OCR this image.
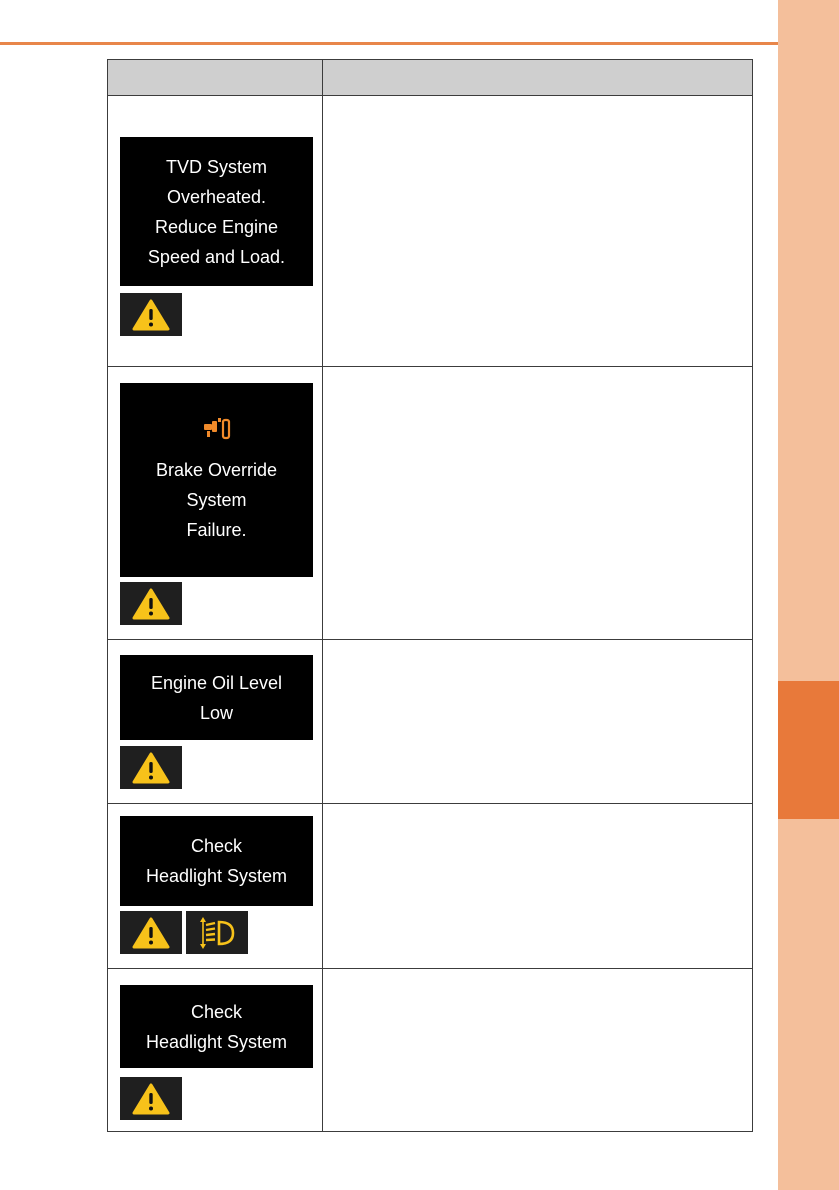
TVD System
Overheated.
Reduce Engine
Speed and Load.
Brake Override
System
Failure.
Engine Oil Level
Low
Check
Headlight System
Check
Headlight System
